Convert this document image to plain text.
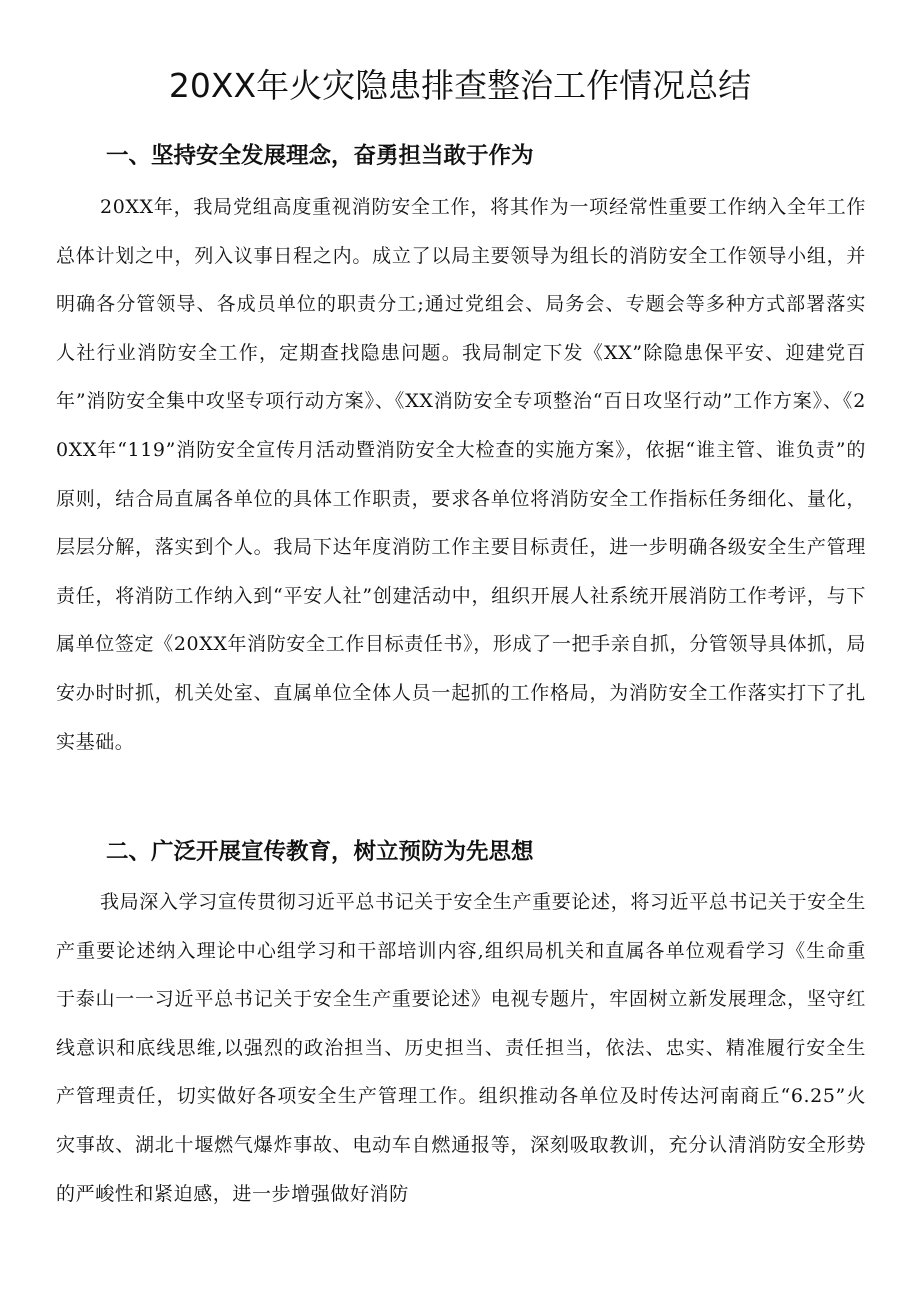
20XX年火灾隐患排查整治工作情况总结
一、坚持安全发展理念，奋勇担当敢于作为

20XX年，我局党组高度重视消防安全工作，将其作为一项经常性重要工作纳入全年工作总体计划之中，列入议事日程之内。成立了以局主要领导为组长的消防安全工作领导小组，并明确各分管领导、各成员单位的职责分工;通过党组会、局务会、专题会等多种方式部署落实人社行业消防安全工作，定期查找隐患问题。我局制定下发《XX”除隐患保平安、迎建党百年”消防安全集中攻坚专项行动方案》、《XX消防安全专项整治“百日攻坚行动”工作方案》、《20XX年“119”消防安全宣传月活动暨消防安全大检查的实施方案》，依据“谁主管、谁负责”的原则，结合局直属各单位的具体工作职责，要求各单位将消防安全工作指标任务细化、量化，层层分解，落实到个人。我局下达年度消防工作主要目标责任，进一步明确各级安全生产管理责任，将消防工作纳入到“平安人社”创建活动中，组织开展人社系统开展消防工作考评，与下属单位签定《20XX年消防安全工作目标责任书》，形成了一把手亲自抓，分管领导具体抓，局安办时时抓，机关处室、直属单位全体人员一起抓的工作格局，为消防安全工作落实打下了扎实基础。

二、广泛开展宣传教育，树立预防为先思想

我局深入学习宣传贯彻习近平总书记关于安全生产重要论述，将习近平总书记关于安全生产重要论述纳入理论中心组学习和干部培训内容,组织局机关和直属各单位观看学习《生命重于泰山一一习近平总书记关于安全生产重要论述》电视专题片，牢固树立新发展理念，坚守红线意识和底线思维,以强烈的政治担当、历史担当、责任担当，依法、忠实、精准履行安全生产管理责任，切实做好各项安全生产管理工作。组织推动各单位及时传达河南商丘“6.25”火灾事故、湖北十堰燃气爆炸事故、电动车自燃通报等，深刻吸取教训，充分认清消防安全形势的严峻性和紧迫感，进一步增强做好消防
